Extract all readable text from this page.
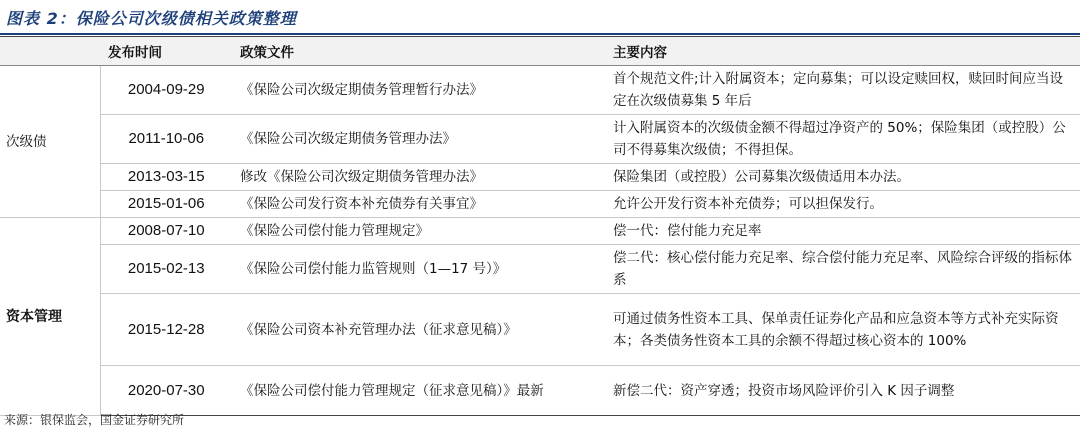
图表 2：保险公司次级债相关政策整理
	发布时间	政策文件	主要内容
次级债	2004-09-29	《保险公司次级定期债务管理暂行办法》	首个规范文件;计入附属资本；定向募集；可以设定赎回权，赎回时间应当设定在次级债募集 5 年后
	2011-10-06	《保险公司次级定期债务管理办法》	计入附属资本的次级债金额不得超过净资产的 50%；保险集团（或控股）公司不得募集次级债；不得担保。
	2013-03-15	修改《保险公司次级定期债务管理办法》	保险集团（或控股）公司募集次级债适用本办法。
	2015-01-06	《保险公司发行资本补充债券有关事宜》	允许公开发行资本补充债券；可以担保发行。
资本管理	2008-07-10	《保险公司偿付能力管理规定》	偿一代：偿付能力充足率
	2015-02-13	《保险公司偿付能力监管规则（1—17 号）》	偿二代：核心偿付能力充足率、综合偿付能力充足率、风险综合评级的指标体系
	2015-12-28	《保险公司资本补充管理办法（征求意见稿）》	可通过债务性资本工具、保单责任证券化产品和应急资本等方式补充实际资本；各类债务性资本工具的余额不得超过核心资本的 100%
	2020-07-30	《保险公司偿付能力管理规定（征求意见稿）》最新	新偿二代：资产穿透；投资市场风险评价引入 K 因子调整
来源：银保监会，国金证券研究所
